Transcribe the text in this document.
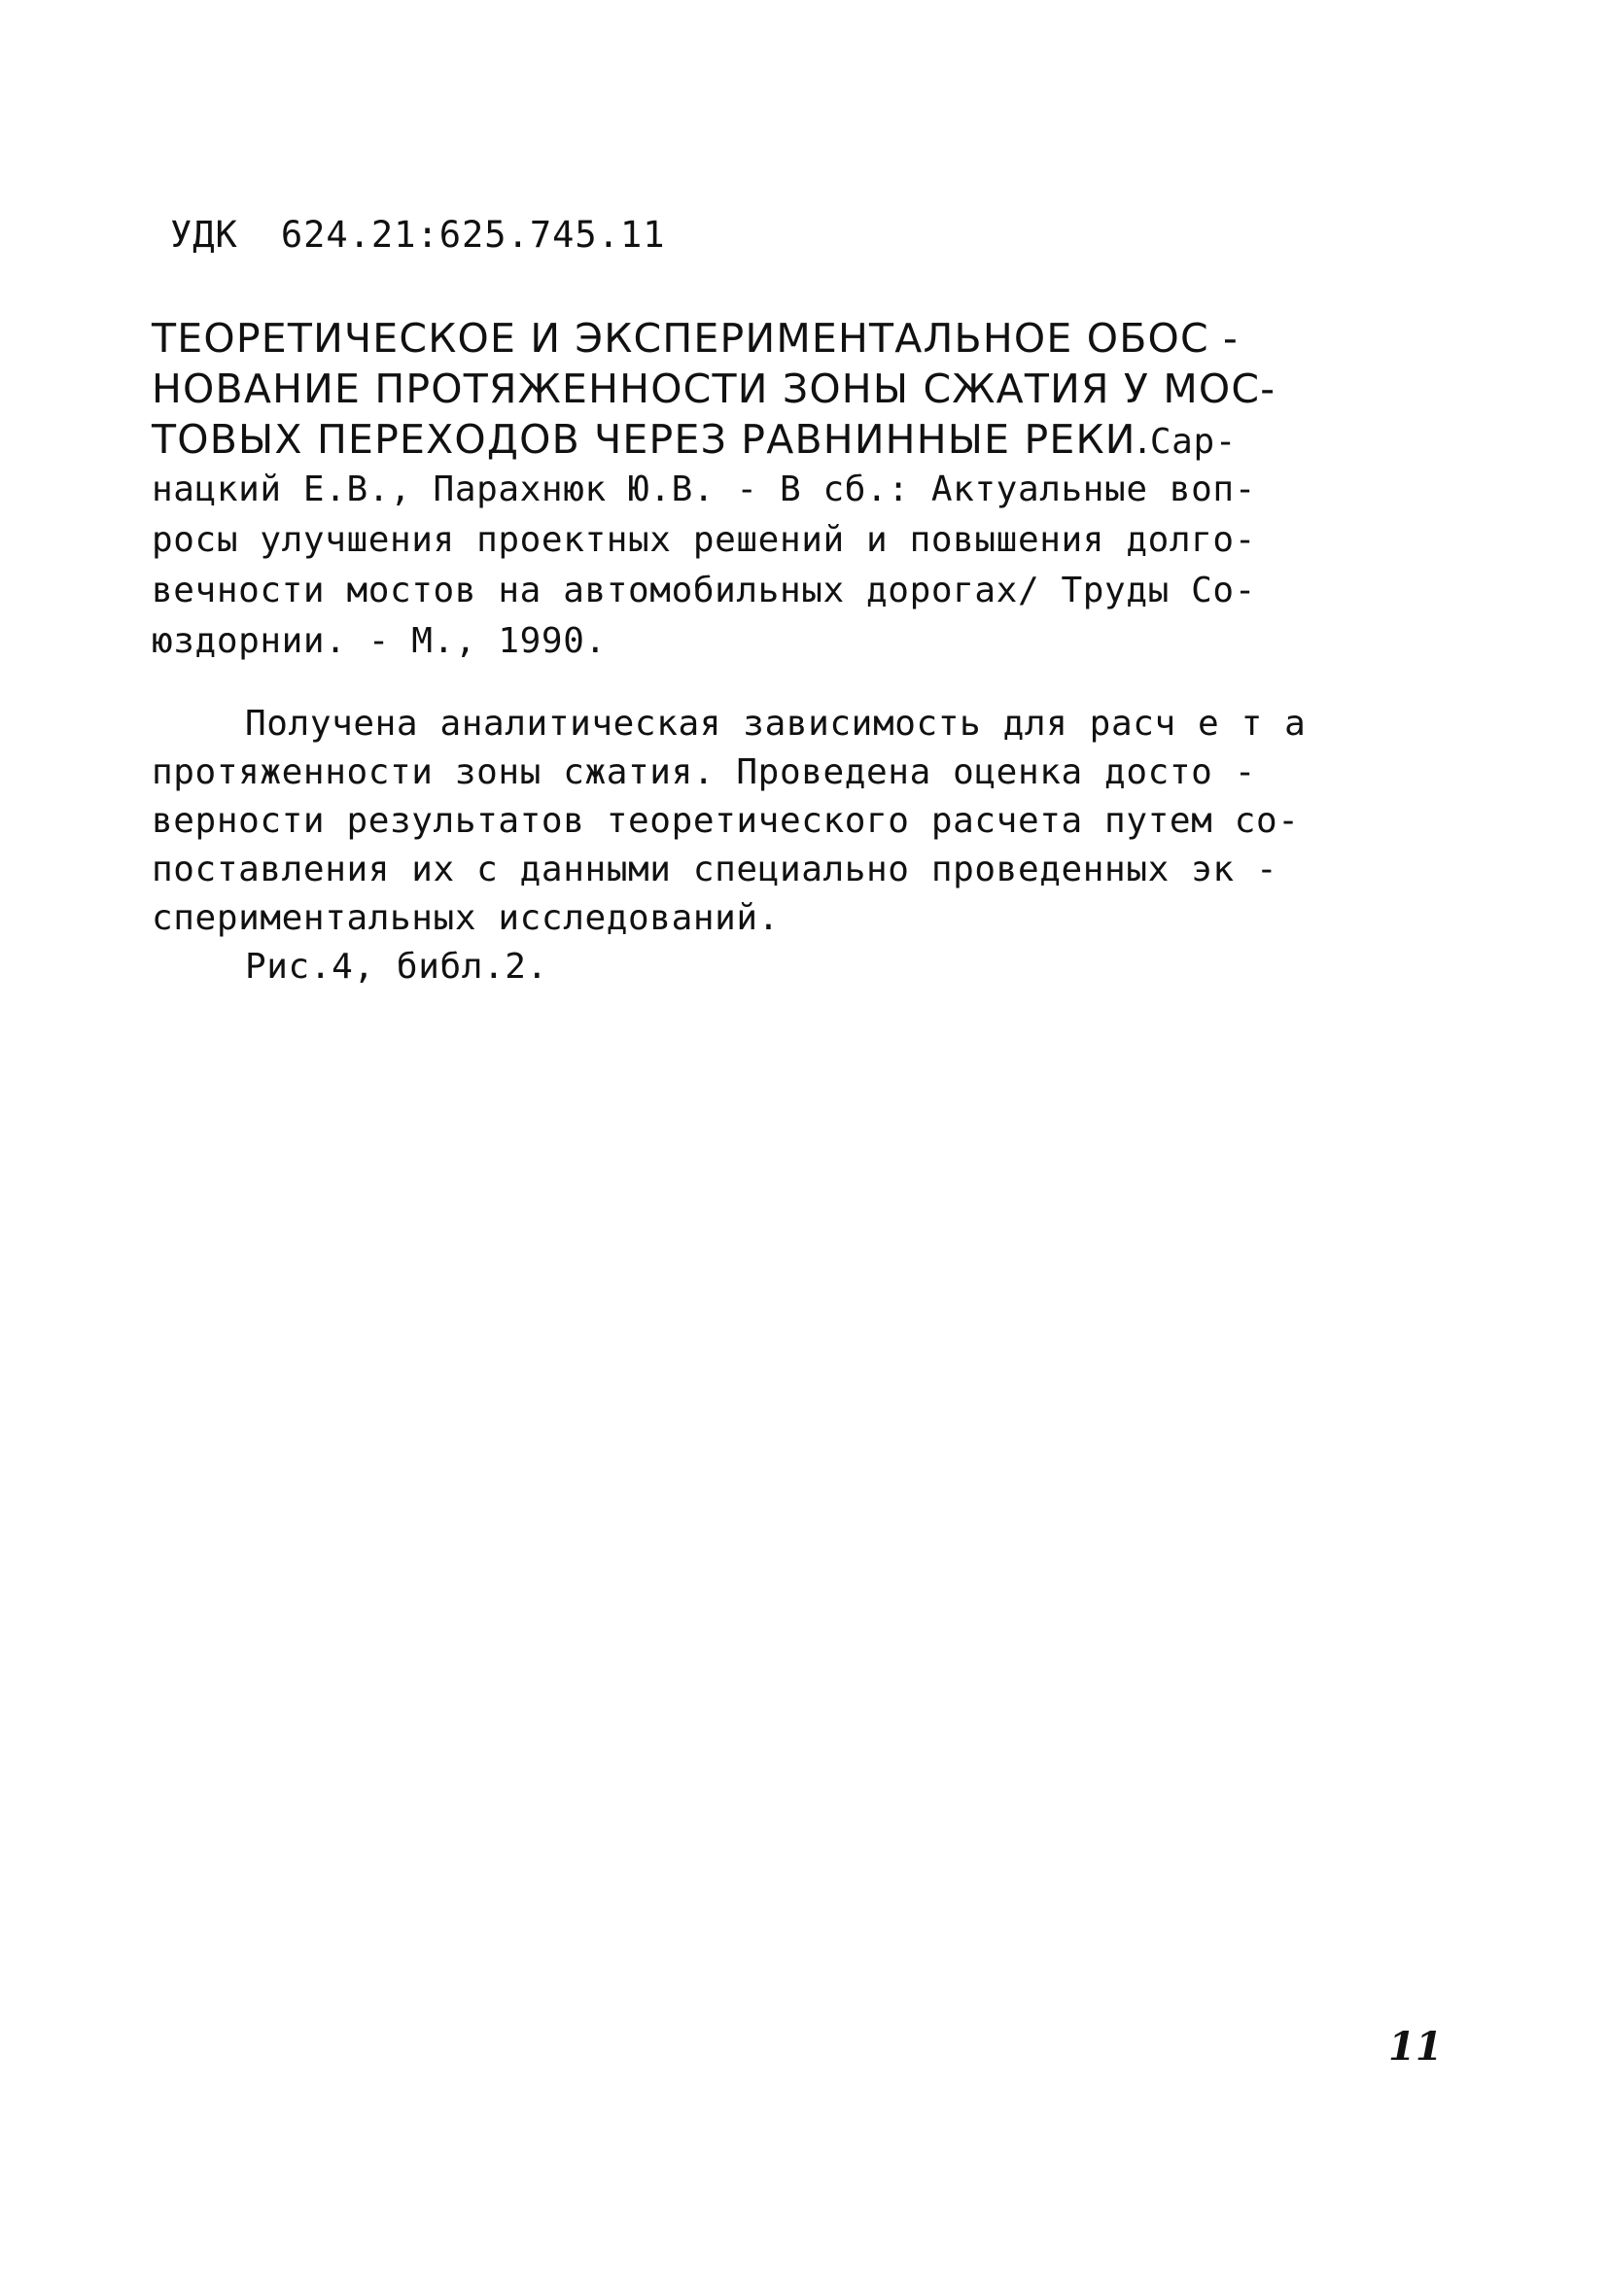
УДК 624.21:625.745.11
ТЕОРЕТИЧЕСКОЕ И ЭКСПЕРИМЕНТАЛЬНОЕ ОБОС -
НОВАНИЕ ПРОТЯЖЕННОСТИ ЗОНЫ СЖАТИЯ У МОС-
ТОВЫХ ПЕРЕХОДОВ ЧЕРЕЗ РАВНИННЫЕ РЕКИ.Сар-
нацкий Е.В., Парахнюк Ю.В. - В сб.: Актуальные воп-
росы улучшения проектных решений и повышения долго-
вечности мостов на автомобильных дорогах/ Труды Со-
юздорнии. - М., 1990.
Получена аналитическая зависимость для расч е т а
протяженности зоны сжатия. Проведена оценка досто -
верности результатов теоретического расчета путем со-
поставления их с данными специально проведенных эк -
спериментальных исследований.
Рис.4, библ.2.
11
